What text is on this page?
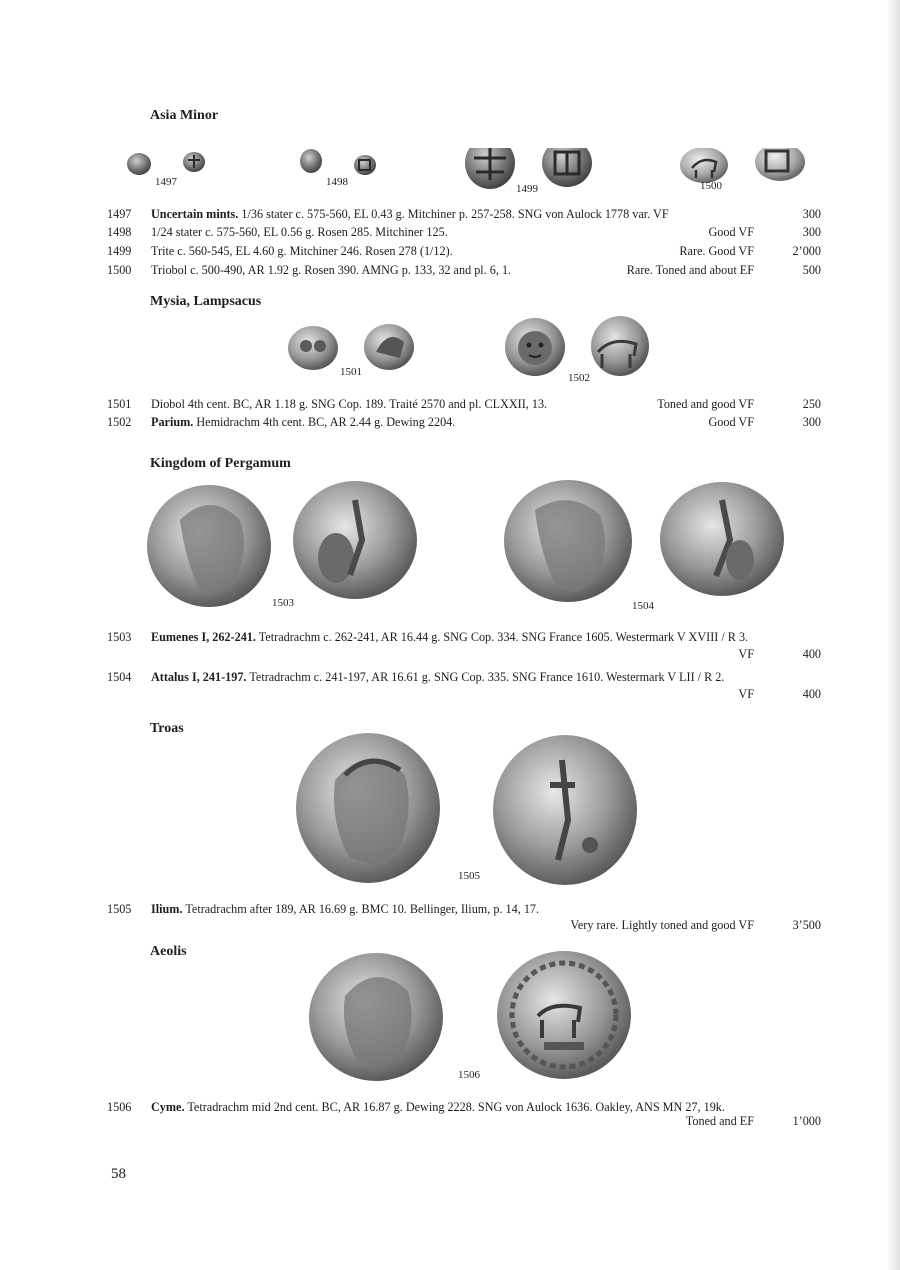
Asia Minor
1497	1498
1499	1500
1497 Uncertain mints. 1/36 stater c. 575-560, EL 0.43 g. Mitchiner p. 257-258. SNG von Aulock 1778 var. VF	300
1498 1/24 stater c. 575-560, EL 0.56 g. Rosen 285. Mitchiner 125.	Good VF	300
1499 Trite c. 560-545, EL 4.60 g. Mitchiner 246. Rosen 278 (1/12).	Rare. Good VF	2’000
1500 Triobol c. 500-490, AR 1.92 g. Rosen 390. AMNG p. 133, 32 and pl. 6, 1.	Rare. Toned and about EF	500
Mysia, Lampsacus
1501	1502
1501 Diobol 4th cent. BC, AR 1.18 g. SNG Cop. 189. Traité 2570 and pl. CLXXII, 13.	Toned and good VF	250
1502 Parium. Hemidrachm 4th cent. BC, AR 2.44 g. Dewing 2204.	Good VF	300
Kingdom of Pergamum
1503	1504
1503 Eumenes I, 262-241. Tetradrachm c. 262-241, AR 16.44 g. SNG Cop. 334. SNG France 1605. Westermark V XVIII / R 3.
VF	400
1504 Attalus I, 241-197. Tetradrachm c. 241-197, AR 16.61 g. SNG Cop. 335. SNG France 1610. Westermark V LII / R 2.
VF	400
Troas
1505
1505 Ilium. Tetradrachm after 189, AR 16.69 g. BMC 10. Bellinger, Ilium, p. 14, 17.
Very rare. Lightly toned and good VF	3’500
Aeolis
1506
1506 Cyme. Tetradrachm mid 2nd cent. BC, AR 16.87 g. Dewing 2228. SNG von Aulock 1636. Oakley, ANS MN 27, 19k.
Toned and EF	1’000
58
